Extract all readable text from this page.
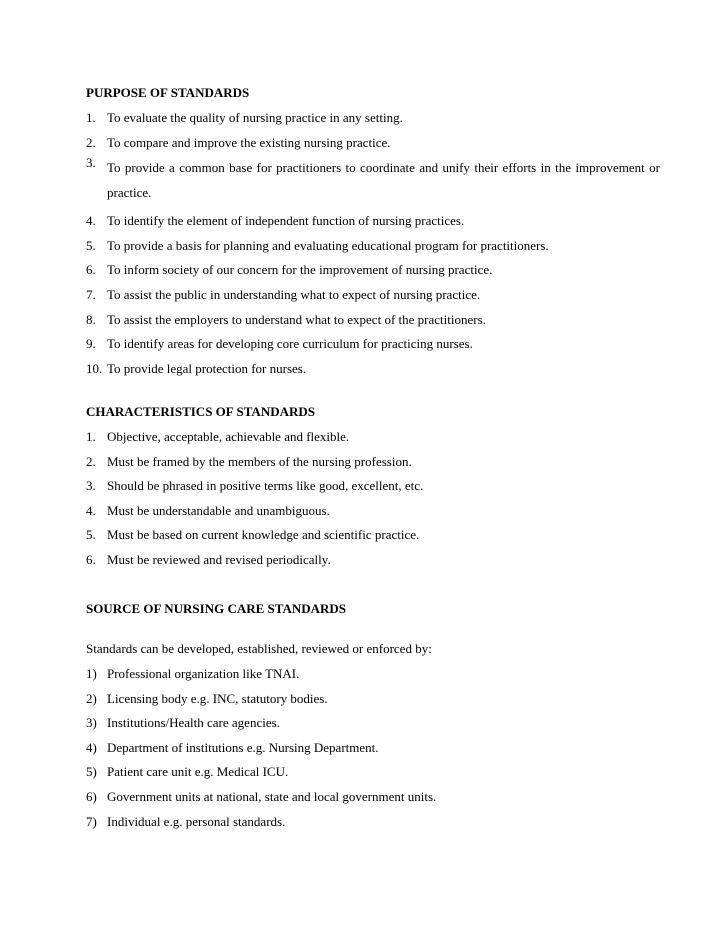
PURPOSE OF STANDARDS

1. To evaluate the quality of nursing practice in any setting.
2. To compare and improve the existing nursing practice.
3. To provide a common base for practitioners to coordinate and unify their efforts in the improvement or practice.
4. To identify the element of independent function of nursing practices.
5. To provide a basis for planning and evaluating educational program for practitioners.
6. To inform society of our concern for the improvement of nursing practice.
7. To assist the public in understanding what to expect of nursing practice.
8. To assist the employers to understand what to expect of the practitioners.
9. To identify areas for developing core curriculum for practicing nurses.
10. To provide legal protection for nurses.

CHARACTERISTICS OF STANDARDS

1. Objective, acceptable, achievable and flexible.
2. Must be framed by the members of the nursing profession.
3. Should be phrased in positive terms like good, excellent, etc.
4. Must be understandable and unambiguous.
5. Must be based on current knowledge and scientific practice.
6. Must be reviewed and revised periodically.

SOURCE OF NURSING CARE STANDARDS

Standards can be developed, established, reviewed or enforced by:

1) Professional organization like TNAI.
2) Licensing body e.g. INC, statutory bodies.
3) Institutions/Health care agencies.
4) Department of institutions e.g. Nursing Department.
5) Patient care unit e.g. Medical ICU.
6) Government units at national, state and local government units.
7) Individual e.g. personal standards.
